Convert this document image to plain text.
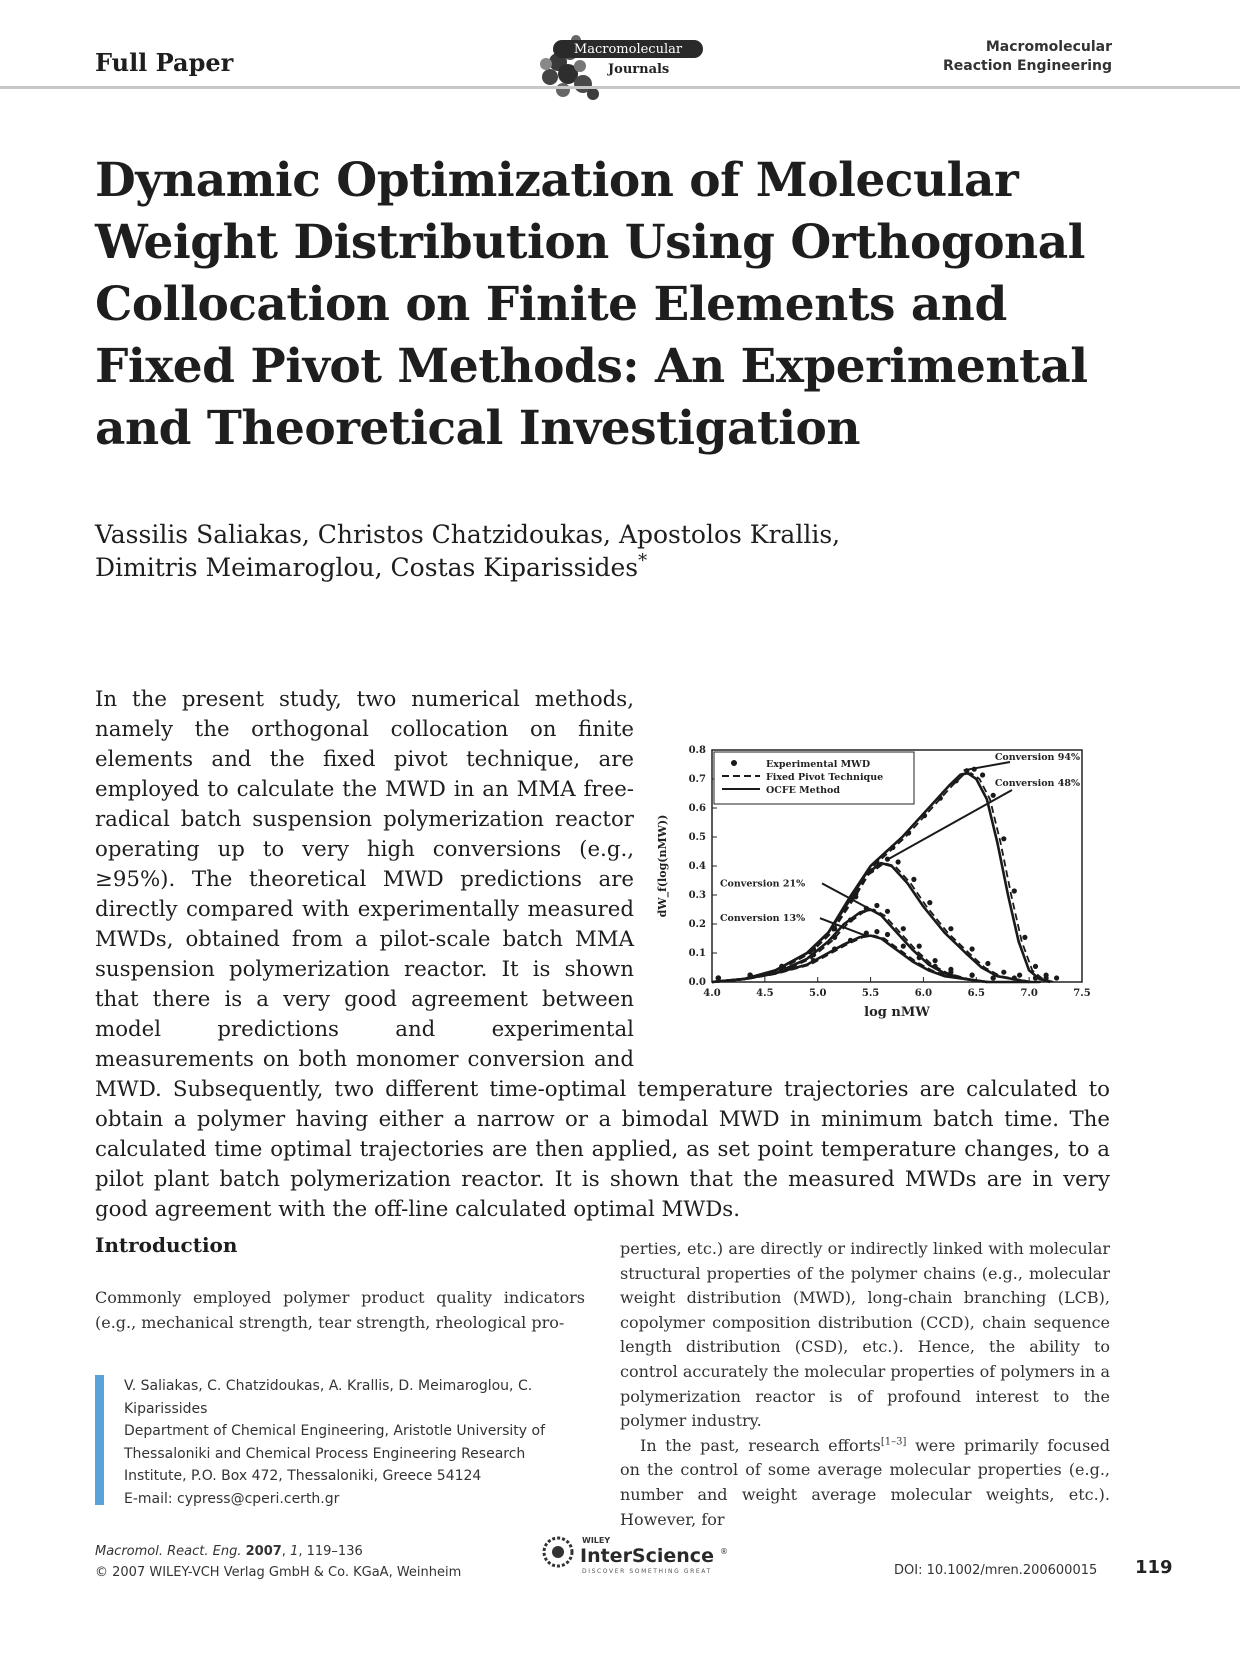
Full Paper	Macromolecular
Journals
Macromolecular
Reaction Engineering
Dynamic Optimization of Molecular Weight Distribution Using Orthogonal Collocation on Finite Elements and Fixed Pivot Methods: An Experimental and Theoretical Investigation
Vassilis Saliakas, Christos Chatzidoukas, Apostolos Krallis,
Dimitris Meimaroglou, Costas Kiparissides*
4.0	4.5	5.0	5.5	6.0	6.5	7.0	7.5
0.0
0.1
0.2
0.3
0.4
0.5
0.6
0.7
0.8
log nMW
dW_f(log(nMW))
Experimental MWD
Fixed Pivot Technique
OCFE Method
Conversion 94%
Conversion 48%
Conversion 21%
Conversion 13%

In the present study, two numerical methods, namely the orthogonal collocation on finite elements and the fixed pivot technique, are employed to calculate the MWD in an MMA free-radical batch suspension polymerization reactor operating up to very high conversions (e.g., ≥95%). The theoretical MWD predictions are directly compared with experimentally measured MWDs, obtained from a pilot-scale batch MMA suspension polymerization reactor. It is shown that there is a very good agreement between model predictions and experimental measurements on both monomer conversion and MWD. Subsequently, two different time-optimal temperature trajectories are calculated to obtain a polymer having either a narrow or a bimodal MWD in minimum batch time. The calculated time optimal trajectories are then applied, as set point temperature changes, to a pilot plant batch polymerization reactor. It is shown that the measured MWDs are in very good agreement with the off-line calculated optimal MWDs.

Introduction

Commonly employed polymer product quality indicators (e.g., mechanical strength, tear strength, rheological pro-

perties, etc.) are directly or indirectly linked with molecular structural properties of the polymer chains (e.g., molecular weight distribution (MWD), long-chain branching (LCB), copolymer composition distribution (CCD), chain sequence length distribution (CSD), etc.). Hence, the ability to control accurately the molecular properties of polymers in a polymerization reactor is of profound interest to the polymer industry.

In the past, research efforts[1–3] were primarily focused on the control of some average molecular properties (e.g., number and weight average molecular weights, etc.). However, for

V. Saliakas, C. Chatzidoukas, A. Krallis, D. Meimaroglou, C.
Kiparissides
Department of Chemical Engineering, Aristotle University of
Thessaloniki and Chemical Process Engineering Research
Institute, P.O. Box 472, Thessaloniki, Greece 54124
E-mail: cypress@cperi.certh.gr
Macromol. React. Eng. 2007, 1, 119–136
© 2007 WILEY-VCH Verlag GmbH & Co. KGaA, Weinheim
WILEY
InterScience ®
DISCOVER SOMETHING GREAT	DOI: 10.1002/mren.200600015 119
